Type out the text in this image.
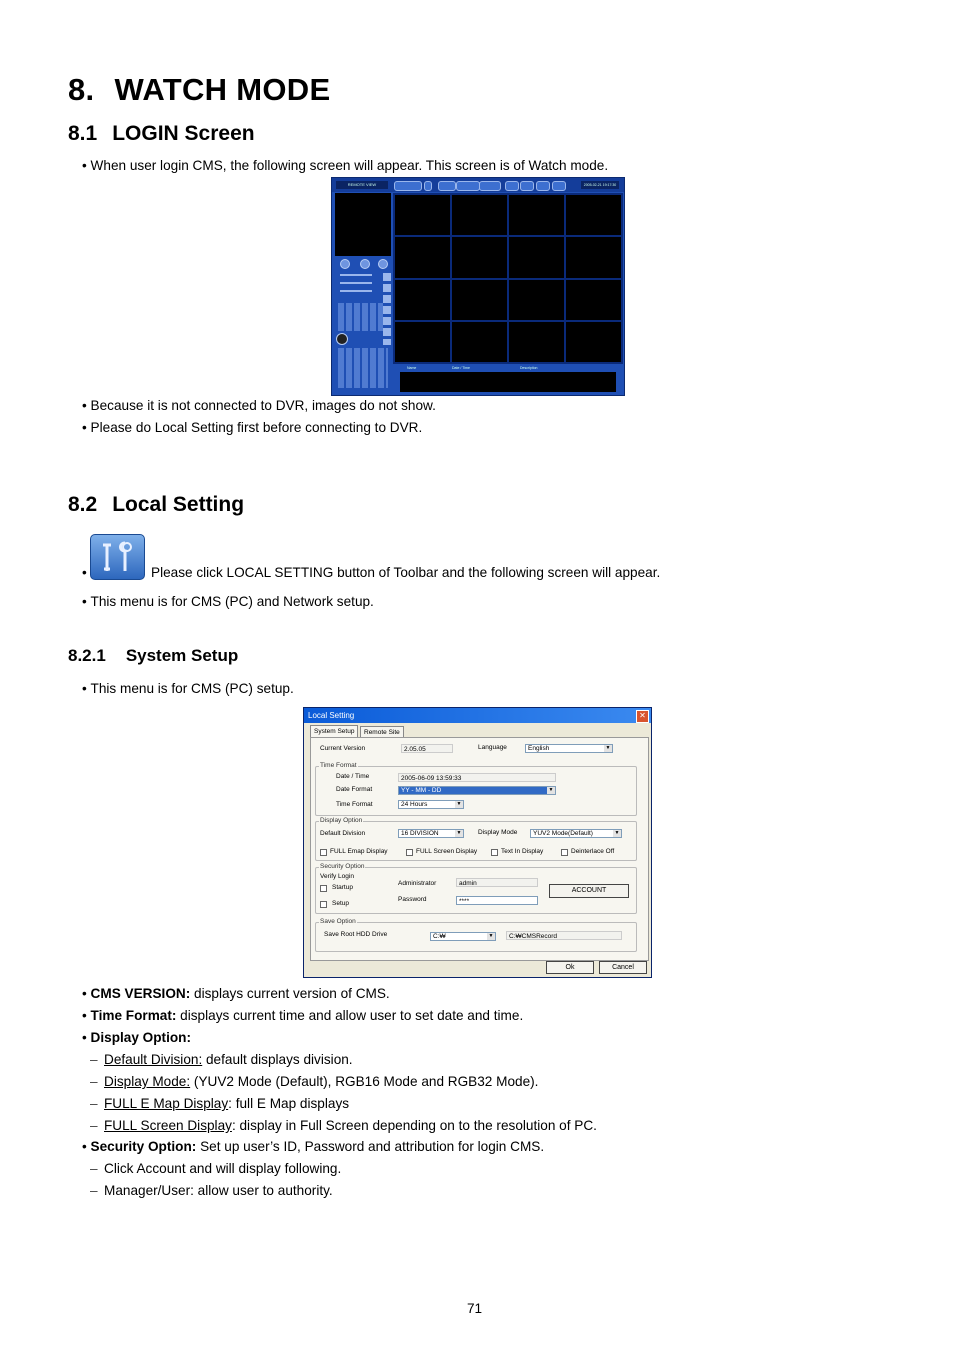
8. WATCH MODE
8.1 LOGIN Screen
• When user login CMS, the following screen will appear. This screen is of Watch mode.
REMOTE VIEW	2005-02-21 19:17:30
Name	Date / Time	Description
• Because it is not connected to DVR, images do not show.
• Please do Local Setting first before connecting to DVR.
8.2 Local Setting
•	Please click LOCAL SETTING button of Toolbar and the following screen will appear.
• This menu is for CMS (PC) and Network setup.
8.2.1 System Setup
• This menu is for CMS (PC) setup.
Local Setting	✕
System Setup	Remote Site
Current Version	2.05.05	Language	English	▼
Time Format
Date / Time	2005-06-09 13:59:33
Date Format	YY - MM - DD	▼
Time Format	24 Hours	▼
Display Option
Default Division	16 DIVISION	▼	Display Mode	YUV2 Mode(Default)	▼
FULL Emap Display	FULL Screen Display	Text In Display	Deinterlace Off
Security Option
Verify Login
Startup
Setup
Administrator	admin
Password	****
ACCOUNT
Save Option
Save Root HDD Drive	C:₩	▼	C:₩CMSRecord
Ok	Cancel
• CMS VERSION: displays current version of CMS.
• Time Format: displays current time and allow user to set date and time.
• Display Option:
– Default Division: default displays division.
– Display Mode: (YUV2 Mode (Default), RGB16 Mode and RGB32 Mode).
– FULL E Map Display: full E Map displays
– FULL Screen Display: display in Full Screen depending on to the resolution of PC.
• Security Option: Set up user’s ID, Password and attribution for login CMS.
– Click Account and will display following.
– Manager/User: allow user to authority.
71
